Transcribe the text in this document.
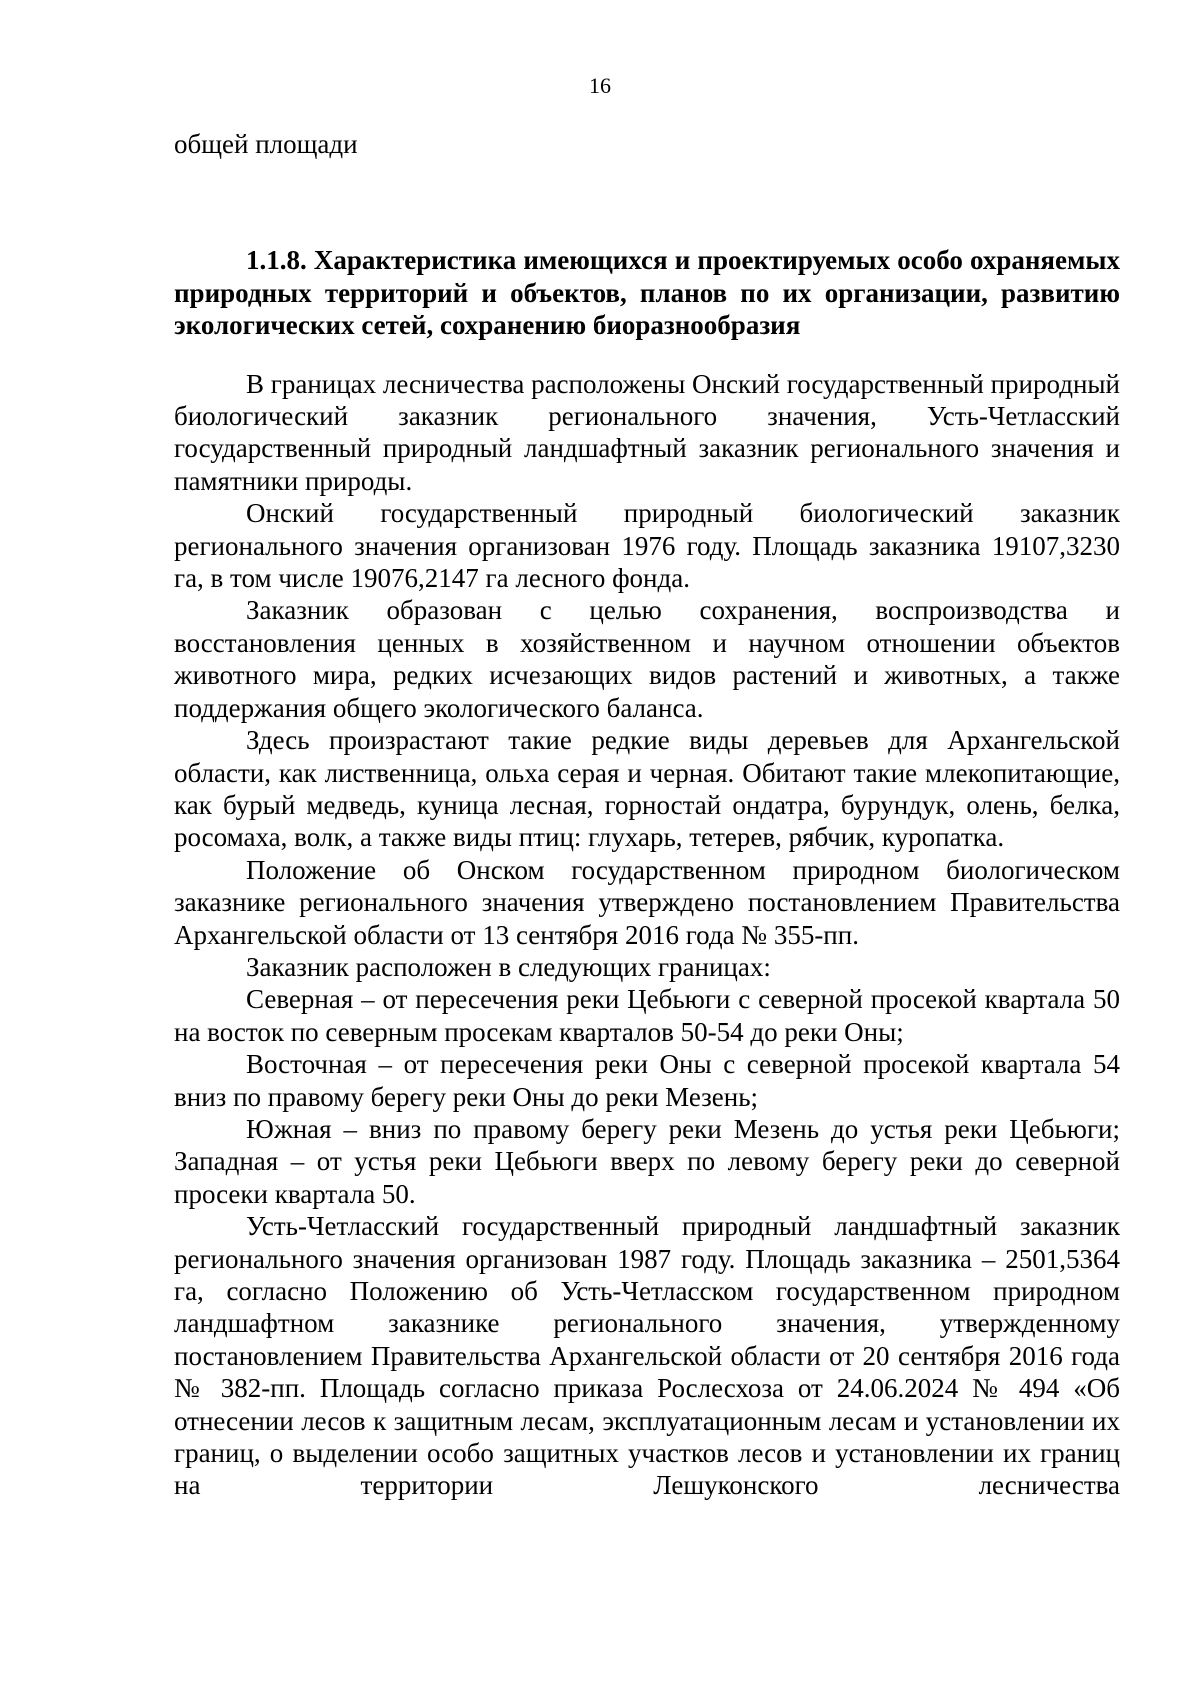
16

общей площади

1.1.8. Характеристика имеющихся и проектируемых особо охраняемых природных территорий и объектов, планов по их организации, развитию экологических сетей, сохранению биоразнообразия

В границах лесничества расположены Онский государственный природный биологический заказник регионального значения, Усть-Четласский государственный природный ландшафтный заказник регионального значения и памятники природы.

Онский государственный природный биологический заказник регионального значения организован 1976 году. Площадь заказника 19107,3230 га, в том числе 19076,2147 га лесного фонда.

Заказник образован с целью сохранения, воспроизводства и восстановления ценных в хозяйственном и научном отношении объектов животного мира, редких исчезающих видов растений и животных, а также поддержания общего экологического баланса.

Здесь произрастают такие редкие виды деревьев для Архангельской области, как лиственница, ольха серая и черная. Обитают такие млекопитающие, как бурый медведь, куница лесная, горностай ондатра, бурундук, олень, белка, росомаха, волк, а также виды птиц: глухарь, тетерев, рябчик, куропатка.

Положение об Онском государственном природном биологическом заказнике регионального значения утверждено постановлением Правительства Архангельской области от 13 сентября 2016 года № 355-пп.

Заказник расположен в следующих границах:

Северная – от пересечения реки Цебьюги с северной просекой квартала 50 на восток по северным просекам кварталов 50-54 до реки Оны;

Восточная – от пересечения реки Оны с северной просекой квартала 54 вниз по правому берегу реки Оны до реки Мезень;

Южная – вниз по правому берегу реки Мезень до устья реки Цебьюги; Западная – от устья реки Цебьюги вверх по левому берегу реки до северной просеки квартала 50.

Усть-Четласский государственный природный ландшафтный заказник регионального значения организован 1987 году. Площадь заказника – 2501,5364 га, согласно Положению об Усть-Четласском государственном природном ландшафтном заказнике регионального значения, утвержденному постановлением Правительства Архангельской области от 20 сентября 2016 года № 382-пп. Площадь согласно приказа Рослесхоза от 24.06.2024 № 494 «Об отнесении лесов к защитным лесам, эксплуатационным лесам и установлении их границ, о выделении особо защитных участков лесов и установлении их границ на территории Лешуконского лесничества
